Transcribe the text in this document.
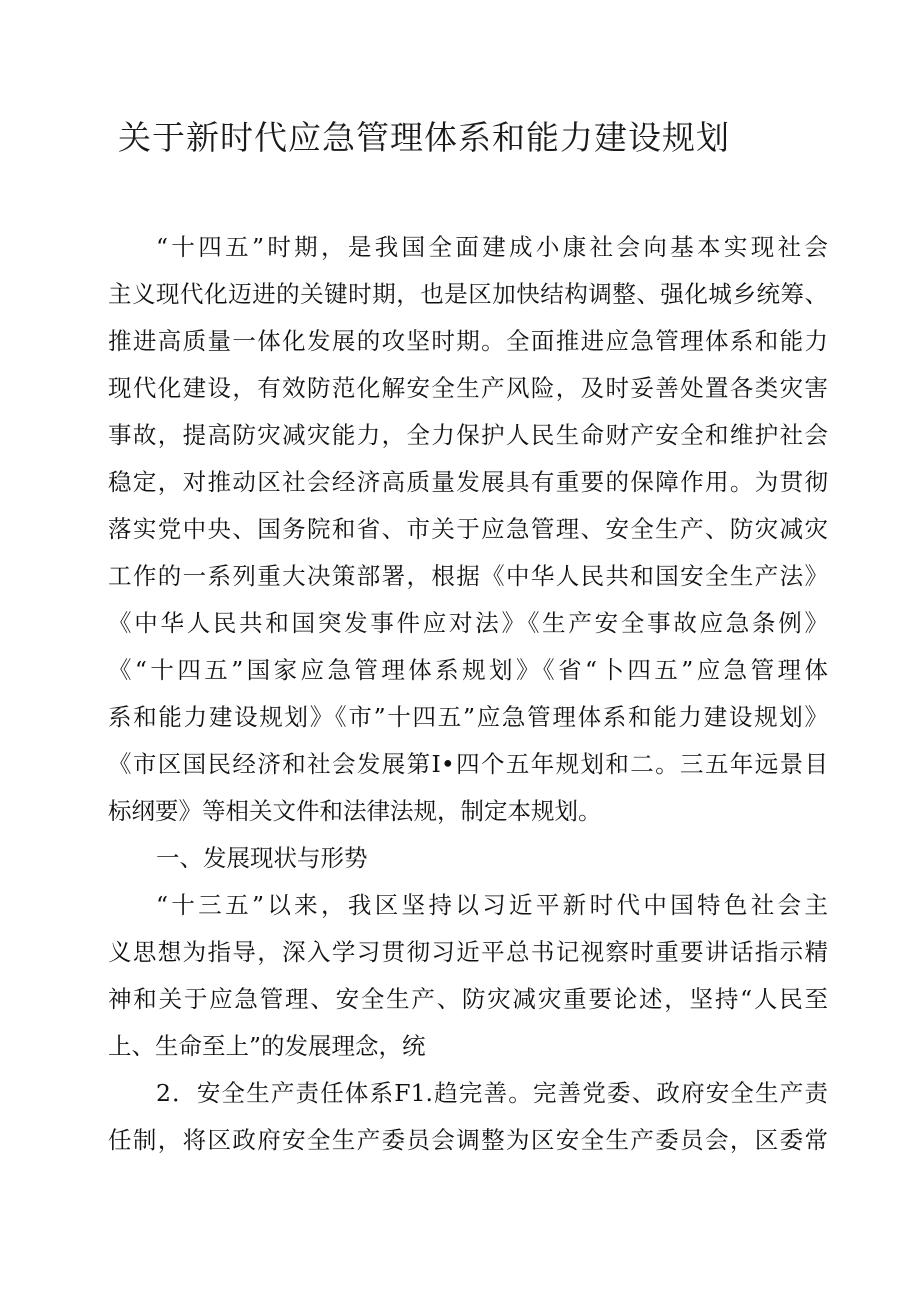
关于新时代应急管理体系和能力建设规划
“十四五”时期，是我国全面建成小康社会向基本实现社会
主义现代化迈进的关键时期，也是区加快结构调整、强化城乡统筹、
推进高质量一体化发展的攻坚时期。全面推进应急管理体系和能力
现代化建设，有效防范化解安全生产风险，及时妥善处置各类灾害
事故，提高防灾减灾能力，全力保护人民生命财产安全和维护社会
稳定，对推动区社会经济高质量发展具有重要的保障作用。为贯彻
落实党中央、国务院和省、市关于应急管理、安全生产、防灾减灾
工作的一系列重大决策部署，根据《中华人民共和国安全生产法》
《中华人民共和国突发事件应对法》《生产安全事故应急条例》
《“十四五”国家应急管理体系规划》《省“卜四五”应急管理体
系和能力建设规划》《市”十四五”应急管理体系和能力建设规划》
《市区国民经济和社会发展第I•四个五年规划和二。三五年远景目
标纲要》等相关文件和法律法规，制定本规划。
一、发展现状与形势
“十三五”以来，我区坚持以习近平新时代中国特色社会主
义思想为指导，深入学习贯彻习近平总书记视察时重要讲话指示精
神和关于应急管理、安全生产、防灾减灾重要论述，坚持“人民至
上、生命至上”的发展理念，统
2．安全生产责任体系F1.趋完善。完善党委、政府安全生产责
任制，将区政府安全生产委员会调整为区安全生产委员会，区委常
